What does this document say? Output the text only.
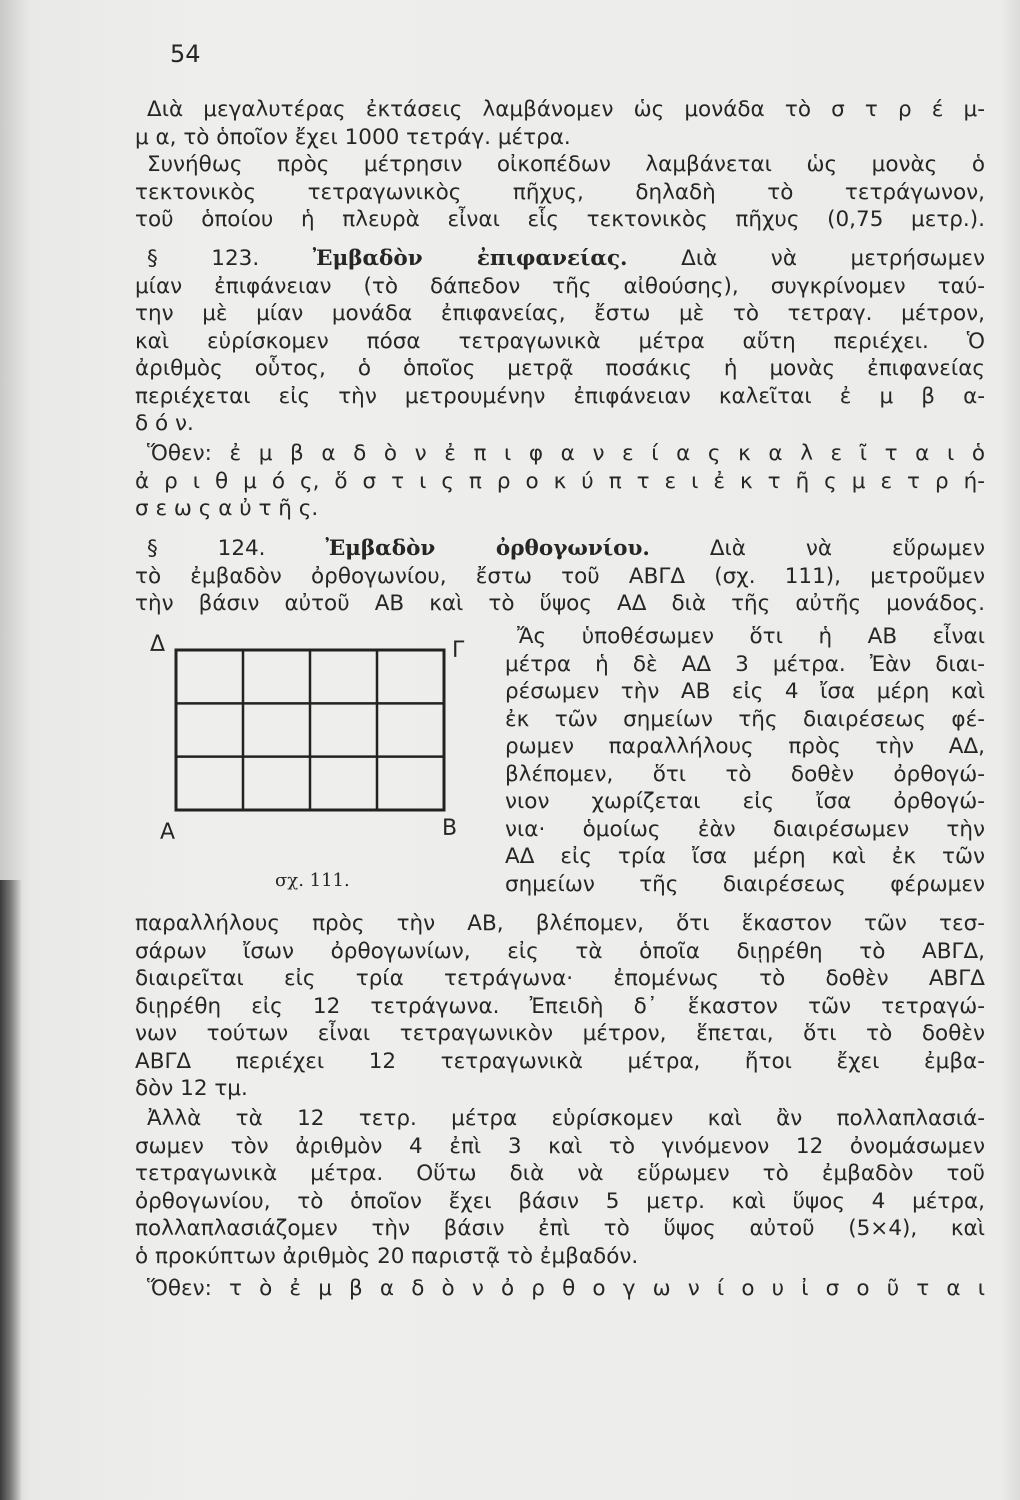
54
Διὰ μεγαλυτέρας ἐκτάσεις λαμβάνομεν ὡς μονάδα τὸ σ τ ρ έ μ-
μ α, τὸ ὁποῖον ἔχει 1000 τετράγ. μέτρα.
Συνήθως πρὸς μέτρησιν οἰκοπέδων λαμβάνεται ὡς μονὰς ὁ
τεκτονικὸς τετραγωνικὸς πῆχυς, δηλαδὴ τὸ τετράγωνον,
τοῦ ὁποίου ἡ πλευρὰ εἶναι εἷς τεκτονικὸς πῆχυς (0,75 μετρ.).
§ 123. Ἐμβαδὸν ἐπιφανείας. Διὰ νὰ μετρήσωμεν
μίαν ἐπιφάνειαν (τὸ δάπεδον τῆς αἰθούσης), συγκρίνομεν ταύ-
την μὲ μίαν μονάδα ἐπιφανείας, ἔστω μὲ τὸ τετραγ. μέτρον,
καὶ εὑρίσκομεν πόσα τετραγωνικὰ μέτρα αὕτη περιέχει. Ὁ
ἀριθμὸς οὗτος, ὁ ὁποῖος μετρᾷ ποσάκις ἡ μονὰς ἐπιφανείας
περιέχεται εἰς τὴν μετρουμένην ἐπιφάνειαν καλεῖται ἐ μ β α-
δ ό ν.
Ὅθεν: ἐ μ β α δ ὸ ν ἐ π ι φ α ν ε ί α ς κ α λ ε ῖ τ α ι ὁ
ἀ ρ ι θ μ ό ς, ὅ σ τ ι ς π ρ ο κ ύ π τ ε ι ἐ κ τ ῆ ς μ ε τ ρ ή-
σ ε ω ς α ὐ τ ῆ ς.
§ 124.	Ἐμβαδὸν ὀρθογωνίου.	Διὰ νὰ εὕρωμεν
τὸ ἐμβαδὸν ὀρθογωνίου, ἔστω τοῦ ΑΒΓΔ (σχ. 111), μετροῦμεν
τὴν βάσιν αὐτοῦ ΑΒ καὶ τὸ ὕψος ΑΔ διὰ τῆς αὐτῆς μονάδος.
Δ	Γ
Α	Β
σχ. 111.
Ἄς ὑποθέσωμεν ὅτι ἡ ΑΒ εἶναι
μέτρα ἡ δὲ ΑΔ 3 μέτρα. Ἐὰν διαι-
ρέσωμεν τὴν ΑΒ εἰς 4 ἴσα μέρη καὶ
ἐκ τῶν σημείων τῆς διαιρέσεως φέ-
ρωμεν παραλλήλους πρὸς τὴν ΑΔ,
βλέπομεν, ὅτι τὸ δοθὲν ὀρθογώ-
νιον χωρίζεται εἰς ἴσα ὀρθογώ-
νια· ὁμοίως ἐὰν διαιρέσωμεν τὴν
ΑΔ εἰς τρία ἴσα μέρη καὶ ἐκ τῶν
σημείων τῆς διαιρέσεως φέρωμεν
παραλλήλους πρὸς τὴν ΑΒ, βλέπομεν, ὅτι ἕκαστον τῶν τεσ-
σάρων ἴσων ὀρθογωνίων, εἰς τὰ ὁποῖα διῃρέθη τὸ ΑΒΓΔ,
διαιρεῖται εἰς τρία τετράγωνα· ἐπομένως τὸ δοθὲν ΑΒΓΔ
διῃρέθη εἰς 12 τετράγωνα. Ἐπειδὴ δ᾽ ἕκαστον τῶν τετραγώ-
νων τούτων εἶναι τετραγωνικὸν μέτρον, ἕπεται, ὅτι τὸ δοθὲν
ΑΒΓΔ περιέχει 12 τετραγωνικὰ μέτρα, ἤτοι ἔχει ἐμβα-
δὸν 12 τμ.
Ἀλλὰ τὰ 12 τετρ. μέτρα εὑρίσκομεν καὶ ἂν πολλαπλασιά-
σωμεν τὸν ἀριθμὸν 4 ἐπὶ 3 καὶ τὸ γινόμενον 12 ὀνομάσωμεν
τετραγωνικὰ μέτρα. Οὕτω διὰ νὰ εὕρωμεν τὸ ἐμβαδὸν τοῦ
ὀρθογωνίου, τὸ ὁποῖον ἔχει βάσιν 5 μετρ. καὶ ὕψος 4 μέτρα,
πολλαπλασιάζομεν τὴν βάσιν ἐπὶ τὸ ὕψος αὐτοῦ (5×4), καὶ
ὁ προκύπτων ἀριθμὸς 20 παριστᾷ τὸ ἐμβαδόν.
Ὅθεν: τ ὸ ἐ μ β α δ ὸ ν ὀ ρ θ ο γ ω ν ί ο υ ἰ σ ο ῦ τ α ι
